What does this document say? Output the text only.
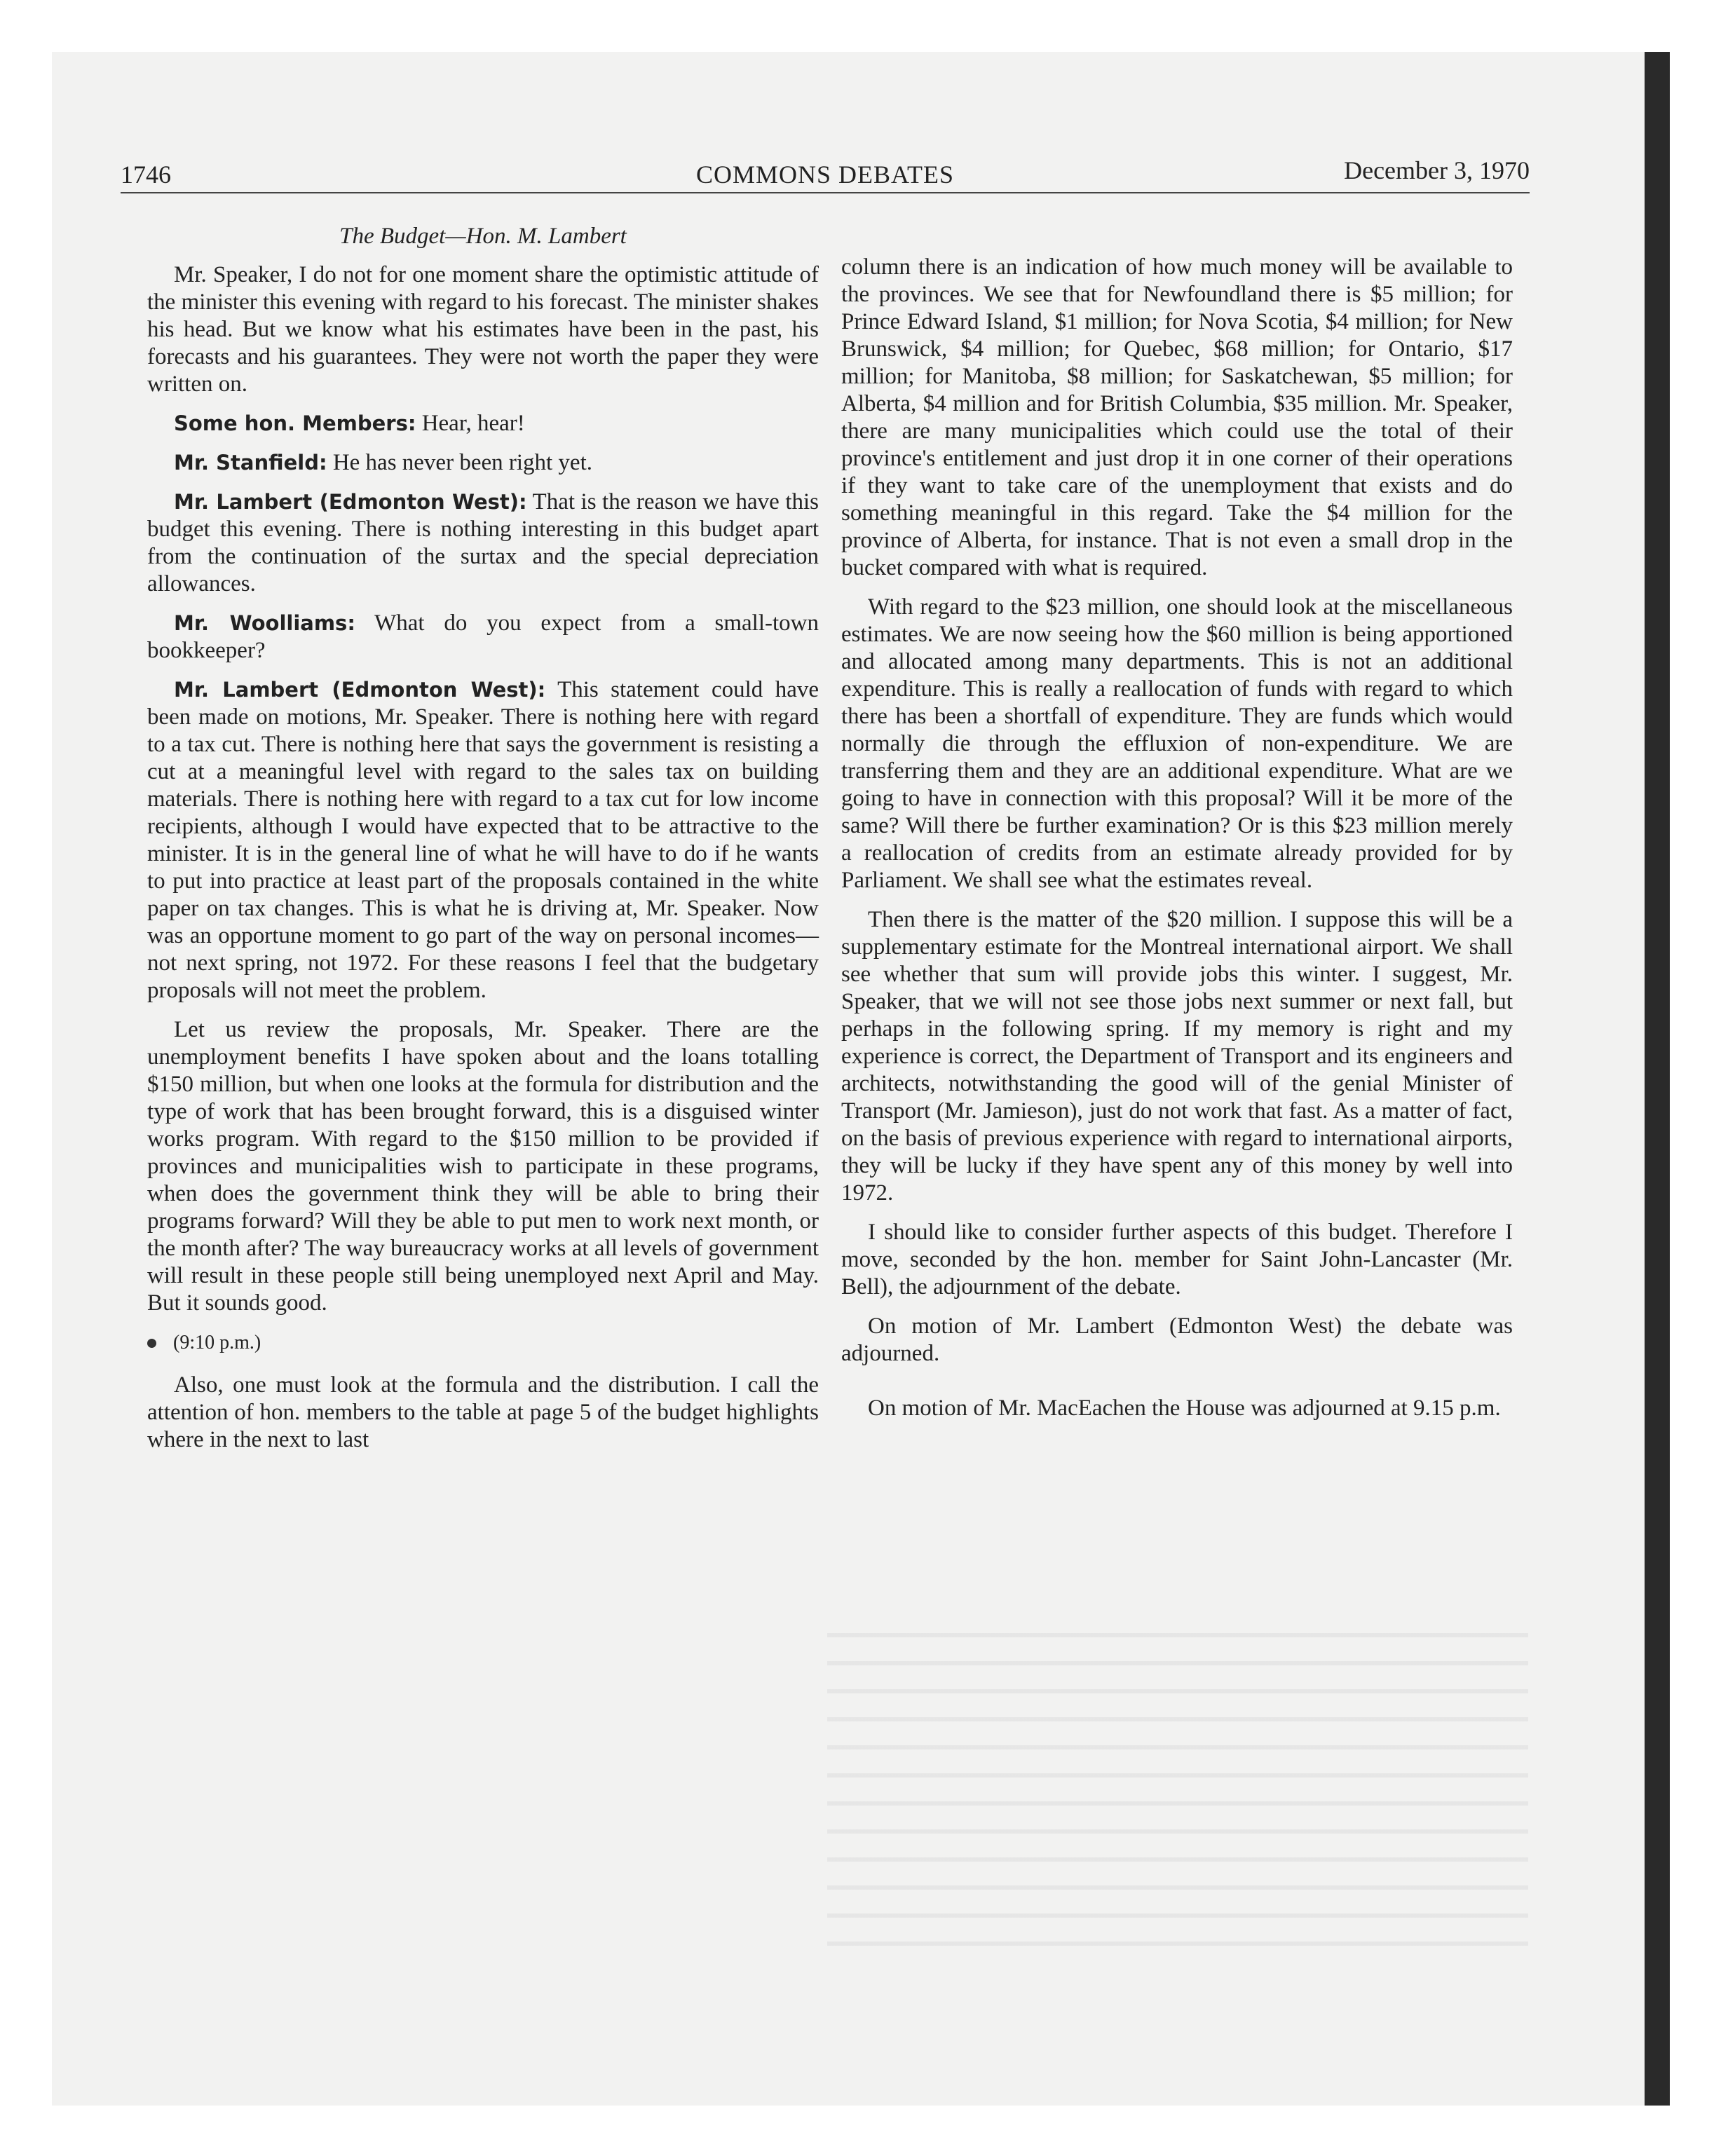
1746	COMMONS DEBATES	December 3, 1970

The Budget—Hon. M. Lambert

Mr. Speaker, I do not for one moment share the optimistic attitude of the minister this evening with regard to his forecast. The minister shakes his head. But we know what his estimates have been in the past, his forecasts and his guarantees. They were not worth the paper they were written on.

Some hon. Members: Hear, hear!

Mr. Stanfield: He has never been right yet.

Mr. Lambert (Edmonton West): That is the reason we have this budget this evening. There is nothing interesting in this budget apart from the continuation of the surtax and the special depreciation allowances.

Mr. Woolliams: What do you expect from a small-town bookkeeper?

Mr. Lambert (Edmonton West): This statement could have been made on motions, Mr. Speaker. There is nothing here with regard to a tax cut. There is nothing here that says the government is resisting a cut at a meaningful level with regard to the sales tax on building materials. There is nothing here with regard to a tax cut for low income recipients, although I would have expected that to be attractive to the minister. It is in the general line of what he will have to do if he wants to put into practice at least part of the proposals contained in the white paper on tax changes. This is what he is driving at, Mr. Speaker. Now was an opportune moment to go part of the way on personal incomes—not next spring, not 1972. For these reasons I feel that the budgetary proposals will not meet the problem.

Let us review the proposals, Mr. Speaker. There are the unemployment benefits I have spoken about and the loans totalling $150 million, but when one looks at the formula for distribution and the type of work that has been brought forward, this is a disguised winter works program. With regard to the $150 million to be provided if provinces and municipalities wish to participate in these programs, when does the government think they will be able to bring their programs forward? Will they be able to put men to work next month, or the month after? The way bureaucracy works at all levels of government will result in these people still being unemployed next April and May. But it sounds good.

(9:10 p.m.)

Also, one must look at the formula and the distribution. I call the attention of hon. members to the table at page 5 of the budget highlights where in the next to last

column there is an indication of how much money will be available to the provinces. We see that for Newfoundland there is $5 million; for Prince Edward Island, $1 million; for Nova Scotia, $4 million; for New Brunswick, $4 million; for Quebec, $68 million; for Ontario, $17 million; for Manitoba, $8 million; for Saskatchewan, $5 million; for Alberta, $4 million and for British Columbia, $35 million. Mr. Speaker, there are many municipalities which could use the total of their province's entitlement and just drop it in one corner of their operations if they want to take care of the unemployment that exists and do something meaningful in this regard. Take the $4 million for the province of Alberta, for instance. That is not even a small drop in the bucket compared with what is required.

With regard to the $23 million, one should look at the miscellaneous estimates. We are now seeing how the $60 million is being apportioned and allocated among many departments. This is not an additional expenditure. This is really a reallocation of funds with regard to which there has been a shortfall of expenditure. They are funds which would normally die through the effluxion of non-expenditure. We are transferring them and they are an additional expenditure. What are we going to have in connection with this proposal? Will it be more of the same? Will there be further examination? Or is this $23 million merely a reallocation of credits from an estimate already provided for by Parliament. We shall see what the estimates reveal.

Then there is the matter of the $20 million. I suppose this will be a supplementary estimate for the Montreal international airport. We shall see whether that sum will provide jobs this winter. I suggest, Mr. Speaker, that we will not see those jobs next summer or next fall, but perhaps in the following spring. If my memory is right and my experience is correct, the Department of Transport and its engineers and architects, notwithstanding the good will of the genial Minister of Transport (Mr. Jamieson), just do not work that fast. As a matter of fact, on the basis of previous experience with regard to international airports, they will be lucky if they have spent any of this money by well into 1972.

I should like to consider further aspects of this budget. Therefore I move, seconded by the hon. member for Saint John-Lancaster (Mr. Bell), the adjournment of the debate.

On motion of Mr. Lambert (Edmonton West) the debate was adjourned.

On motion of Mr. MacEachen the House was adjourned at 9.15 p.m.
